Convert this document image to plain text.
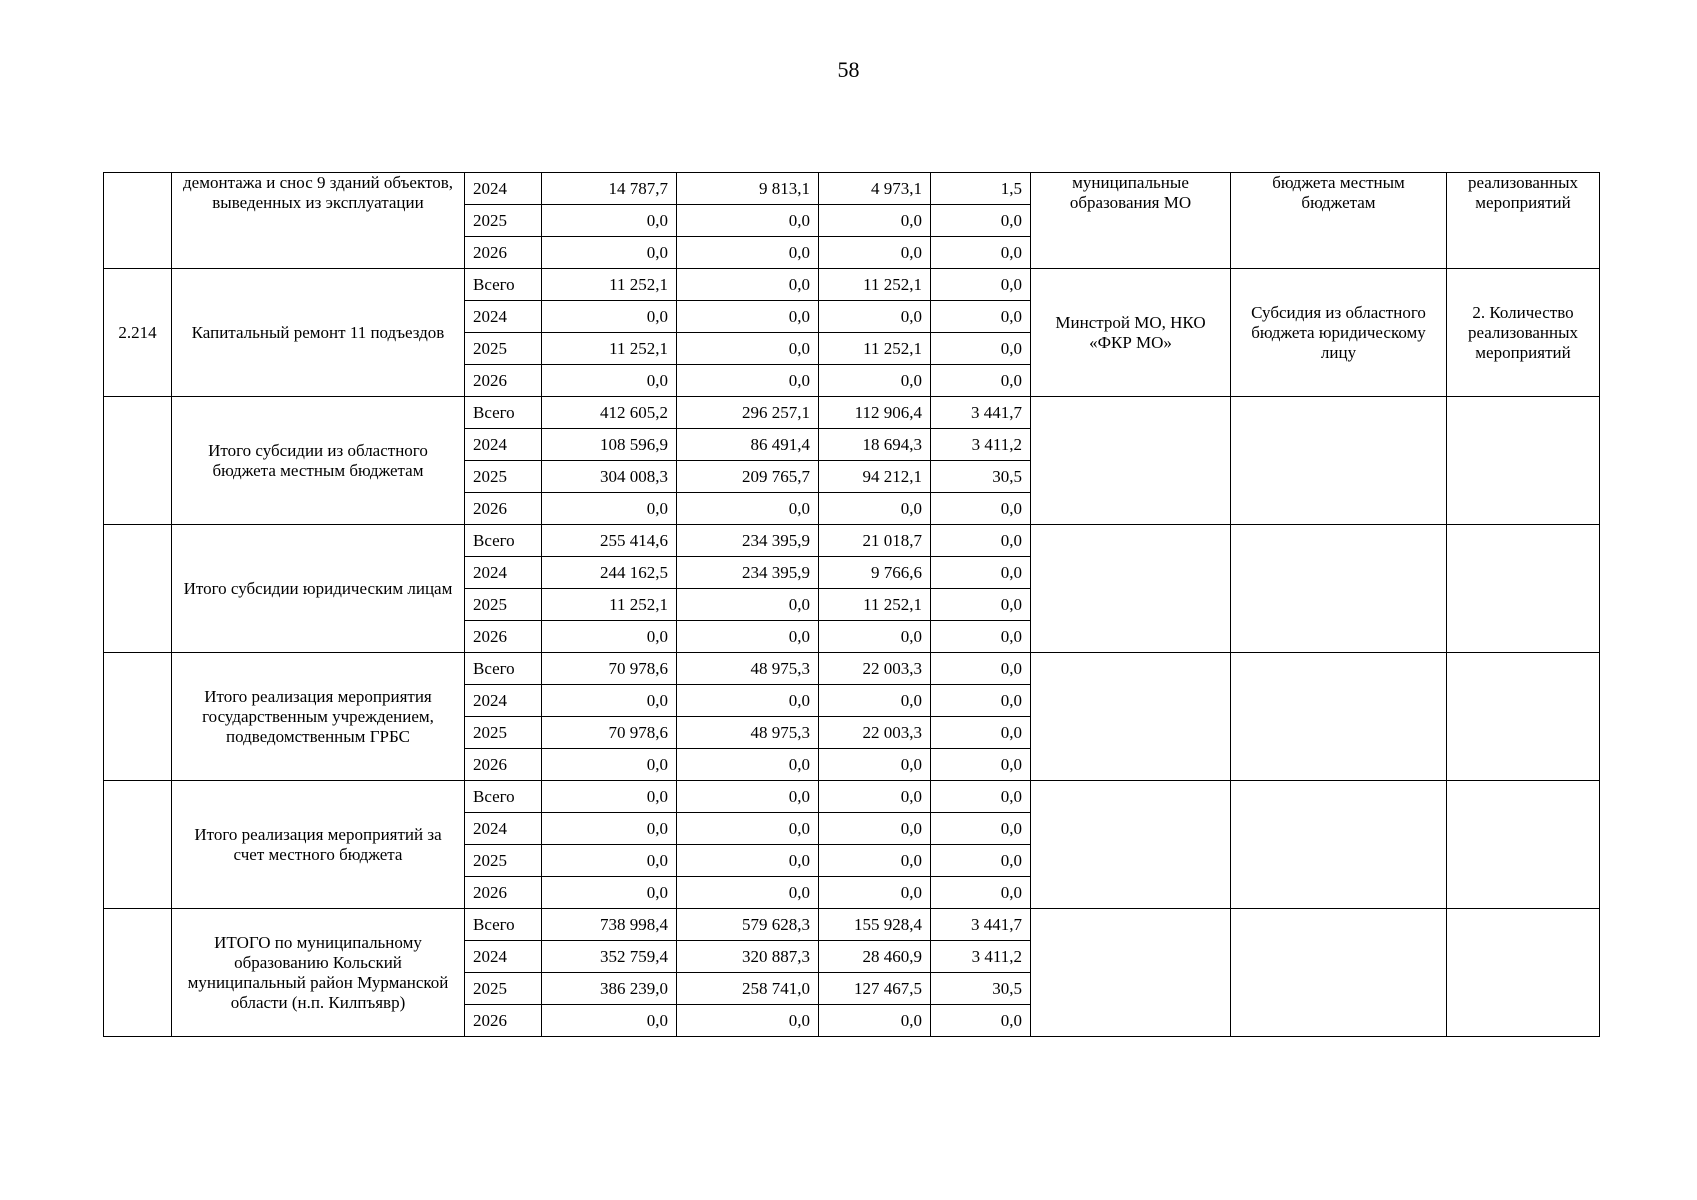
58
	демонтажа и снос 9 зданий объектов, выведенных из эксплуатации	2024	14 787,7	9 813,1	4 973,1	1,5	муниципальные образования МО	бюджета местным бюджетам	реализованных мероприятий
		2025	0,0	0,0	0,0	0,0			
		2026	0,0	0,0	0,0	0,0			
2.214	Капитальный ремонт 11 подъездов	Всего	11 252,1	0,0	11 252,1	0,0	Минстрой МО, НКО «ФКР МО»	Субсидия из областного бюджета юридическому лицу	2. Количество реализованных мероприятий
		2024	0,0	0,0	0,0	0,0			
		2025	11 252,1	0,0	11 252,1	0,0			
		2026	0,0	0,0	0,0	0,0			
	Итого субсидии из областного бюджета местным бюджетам	Всего	412 605,2	296 257,1	112 906,4	3 441,7			
		2024	108 596,9	86 491,4	18 694,3	3 411,2			
		2025	304 008,3	209 765,7	94 212,1	30,5			
		2026	0,0	0,0	0,0	0,0			
	Итого субсидии юридическим лицам	Всего	255 414,6	234 395,9	21 018,7	0,0			
		2024	244 162,5	234 395,9	9 766,6	0,0			
		2025	11 252,1	0,0	11 252,1	0,0			
		2026	0,0	0,0	0,0	0,0			
	Итого реализация мероприятия государственным учреждением, подведомственным ГРБС	Всего	70 978,6	48 975,3	22 003,3	0,0			
		2024	0,0	0,0	0,0	0,0			
		2025	70 978,6	48 975,3	22 003,3	0,0			
		2026	0,0	0,0	0,0	0,0			
	Итого реализация мероприятий за счет местного бюджета	Всего	0,0	0,0	0,0	0,0			
		2024	0,0	0,0	0,0	0,0			
		2025	0,0	0,0	0,0	0,0			
		2026	0,0	0,0	0,0	0,0			
	ИТОГО по муниципальному образованию Кольский муниципальный район Мурманской области (н.п. Килпъявр)	Всего	738 998,4	579 628,3	155 928,4	3 441,7			
		2024	352 759,4	320 887,3	28 460,9	3 411,2			
		2025	386 239,0	258 741,0	127 467,5	30,5			
		2026	0,0	0,0	0,0	0,0			
